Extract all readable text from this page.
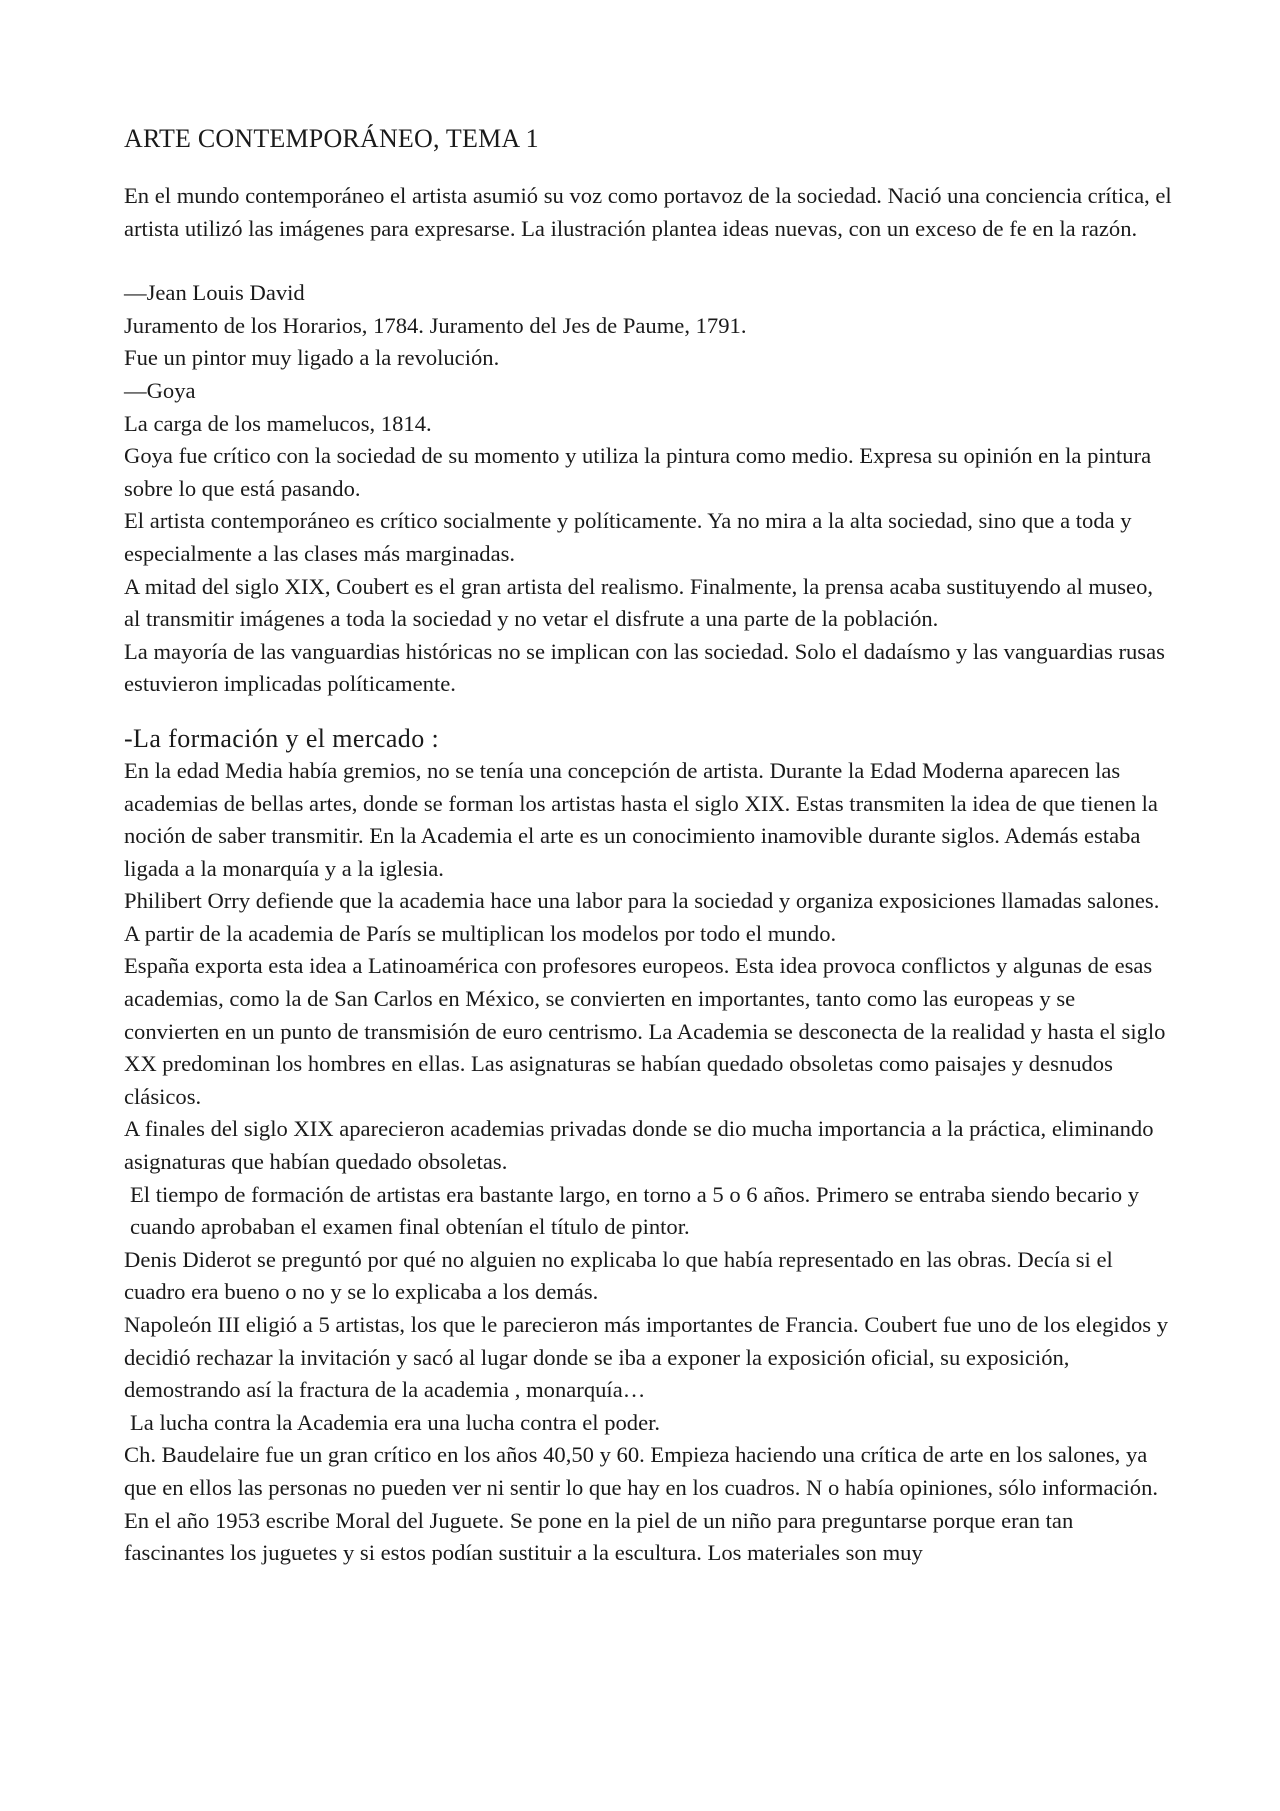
ARTE CONTEMPORÁNEO, TEMA 1

En el mundo contemporáneo el artista asumió su voz como portavoz de la sociedad. Nació una conciencia crítica, el artista utilizó las imágenes para expresarse. La ilustración plantea ideas nuevas, con un exceso de fe en la razón.

—Jean Louis David

Juramento de los Horarios, 1784. Juramento del Jes de Paume, 1791.

Fue un pintor muy ligado a la revolución.

—Goya

La carga de los mamelucos, 1814.

Goya fue crítico con la sociedad de su momento y utiliza la pintura como medio. Expresa su opinión en la pintura sobre lo que está pasando.

El artista contemporáneo es crítico socialmente y políticamente. Ya no mira a la alta sociedad, sino que a toda y especialmente a las clases más marginadas.

A mitad del siglo XIX, Coubert es el gran artista del realismo. Finalmente, la prensa acaba sustituyendo al museo, al transmitir imágenes a toda la sociedad y no vetar el disfrute a una parte de la población.

La mayoría de las vanguardias históricas no se implican con las sociedad. Solo el dadaísmo y las vanguardias rusas estuvieron implicadas políticamente.

-La formación y el mercado :

En la edad Media había gremios, no se tenía una concepción de artista. Durante la Edad Moderna aparecen las academias de bellas artes, donde se forman los artistas hasta el siglo XIX. Estas transmiten la idea de que tienen la noción de saber transmitir. En la Academia el arte es un conocimiento inamovible durante siglos. Además estaba ligada a la monarquía y a la iglesia.

Philibert Orry defiende que la academia hace una labor para la sociedad y organiza exposiciones llamadas salones. A partir de la academia de París se multiplican los modelos por todo el mundo.

España exporta esta idea a Latinoamérica con profesores europeos. Esta idea provoca conflictos y algunas de esas academias, como la de San Carlos en México, se convierten en importantes, tanto como las europeas y se convierten en un punto de transmisión de euro centrismo. La Academia se desconecta de la realidad y hasta el siglo XX predominan los hombres en ellas. Las asignaturas se habían quedado obsoletas como paisajes y desnudos clásicos.

A finales del siglo XIX aparecieron academias privadas donde se dio mucha importancia a la práctica, eliminando asignaturas que habían quedado obsoletas.

El tiempo de formación de artistas era bastante largo, en torno a 5 o 6 años. Primero se entraba siendo becario y cuando aprobaban el examen final obtenían el título de pintor.

Denis Diderot se preguntó por qué no alguien no explicaba lo que había representado en las obras. Decía si el cuadro era bueno o no y se lo explicaba a los demás.

Napoleón III eligió a 5 artistas, los que le parecieron más importantes de Francia. Coubert fue uno de los elegidos y decidió rechazar la invitación y sacó al lugar donde se iba a exponer la exposición oficial, su exposición, demostrando así la fractura de la academia , monarquía…

La lucha contra la Academia era una lucha contra el poder.

Ch. Baudelaire fue un gran crítico en los años 40,50 y 60. Empieza haciendo una crítica de arte en los salones, ya que en ellos las personas no pueden ver ni sentir lo que hay en los cuadros. N o había opiniones, sólo información.

En el año 1953 escribe Moral del Juguete. Se pone en la piel de un niño para preguntarse porque eran tan fascinantes los juguetes y si estos podían sustituir a la escultura. Los materiales son muy
